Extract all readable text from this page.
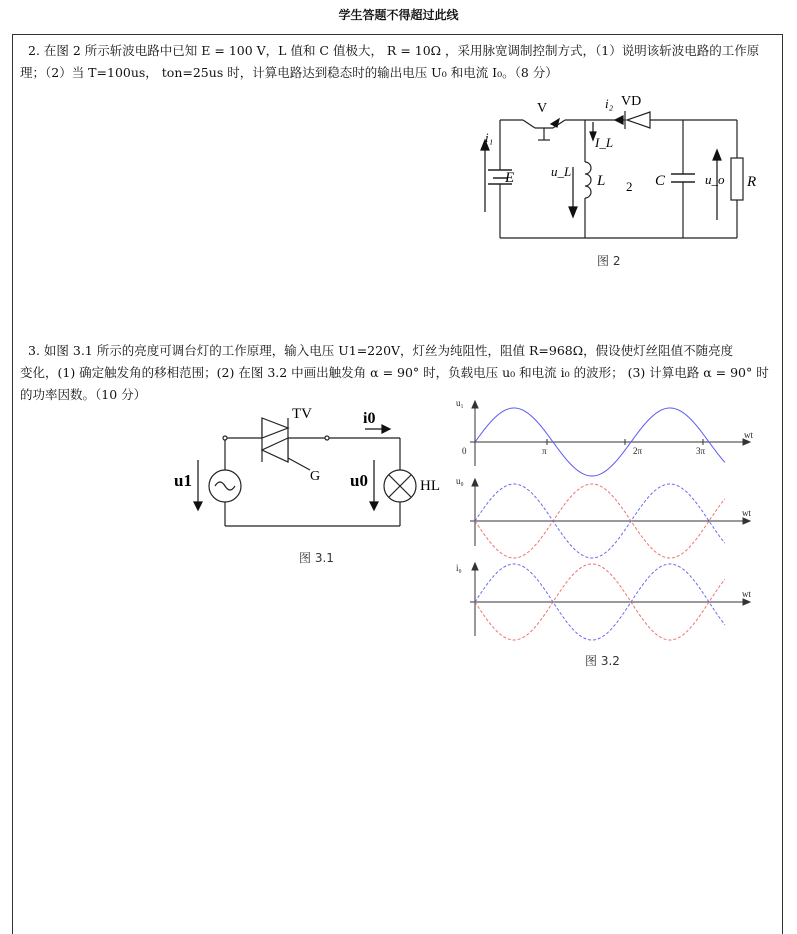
学生答题不得超过此线
2. 在图 2 所示斩波电路中已知 E = 100 V，L 值和 C 值极大， R = 10Ω ，采用脉宽调制控制方式，（1）说明该斩波电路的工作原
理；（2）当 T=100us， ton=25us 时，计算电路达到稳态时的输出电压 U₀ 和电流 I₀。（8 分）
V	VD
i₂
i₁	I_L
E	u_L
L 2 C	u_o R
图 2
3. 如图 3.1 所示的亮度可调台灯的工作原理，输入电压 U1=220V，灯丝为纯阻性，阻值 R=968Ω，假设使灯丝阻值不随亮度
变化，(1) 确定触发角的移相范围；(2) 在图 3.2 中画出触发角 α = 90° 时，负载电压 u₀ 和电流 i₀ 的波形； (3) 计算电路 α = 90° 时
的功率因数。（10 分）
TV	i0
G
u1	u0	HL
图 3.1
u₁
wt
0	π	2π	3π
u₀
wt
i₀
wt
图 3.2
